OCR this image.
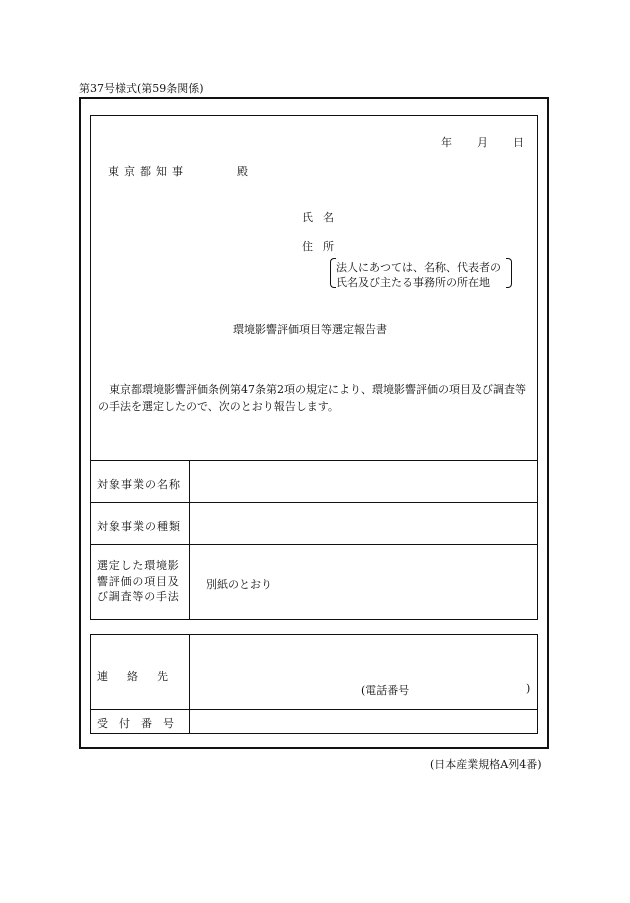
第37号様式(第59条関係)
年 月 日
東京都知事	殿
氏名
住所
法人にあつては、名称、代表者の
氏名及び主たる事務所の所在地
環境影響評価項目等選定報告書
東京都環境影響評価条例第47条第2項の規定により、環境影響評価の項目及び調査等の手法を選定したので、次のとおり報告します。
対象事業の名称
対象事業の種類
選定した環境影響評価の項目及び調査等の手法
別紙のとおり
連絡先
(電話番号	)
受付番号
(日本産業規格A列4番)
